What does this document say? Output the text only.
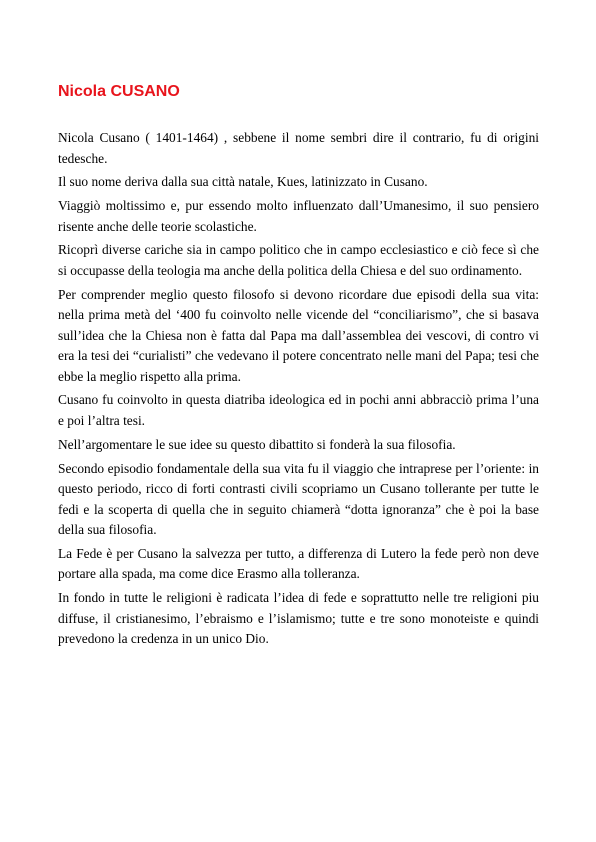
Nicola CUSANO

Nicola Cusano ( 1401-1464) , sebbene il nome sembri dire il contrario, fu di origini tedesche.

Il suo nome deriva dalla sua città natale, Kues, latinizzato in Cusano.

Viaggiò moltissimo e, pur essendo molto influenzato dall’Umanesimo, il suo pensiero risente anche delle teorie scolastiche.

Ricoprì diverse cariche sia in campo politico che in campo ecclesiastico e ciò fece sì che si occupasse della teologia ma anche della politica della Chiesa e del suo ordinamento.

Per comprender meglio questo filosofo si devono ricordare due episodi della sua vita: nella prima metà del ‘400 fu coinvolto nelle vicende del “conciliarismo”, che si basava sull’idea che la Chiesa non è fatta dal Papa ma dall’assemblea dei vescovi, di contro vi era la tesi dei “curialisti” che vedevano il potere concentrato nelle mani del Papa; tesi che ebbe la meglio rispetto alla prima.

Cusano fu coinvolto in questa diatriba ideologica ed in pochi anni abbracciò prima l’una e poi l’altra tesi.

Nell’argomentare le sue idee su questo dibattito si fonderà la sua filosofia.

Secondo episodio fondamentale della sua vita fu il viaggio che intraprese per l’oriente: in questo periodo, ricco di forti contrasti civili scopriamo un Cusano tollerante per tutte le fedi e la scoperta di quella che in seguito chiamerà “dotta ignoranza” che è poi la base della sua filosofia.

La Fede è per Cusano la salvezza per tutto, a differenza di Lutero la fede però non deve portare alla spada, ma come dice Erasmo alla tolleranza.

In fondo in tutte le religioni è radicata l’idea di fede e soprattutto nelle tre religioni piu diffuse, il cristianesimo, l’ebraismo e l’islamismo; tutte e tre sono monoteiste e quindi prevedono la credenza in un unico Dio.
